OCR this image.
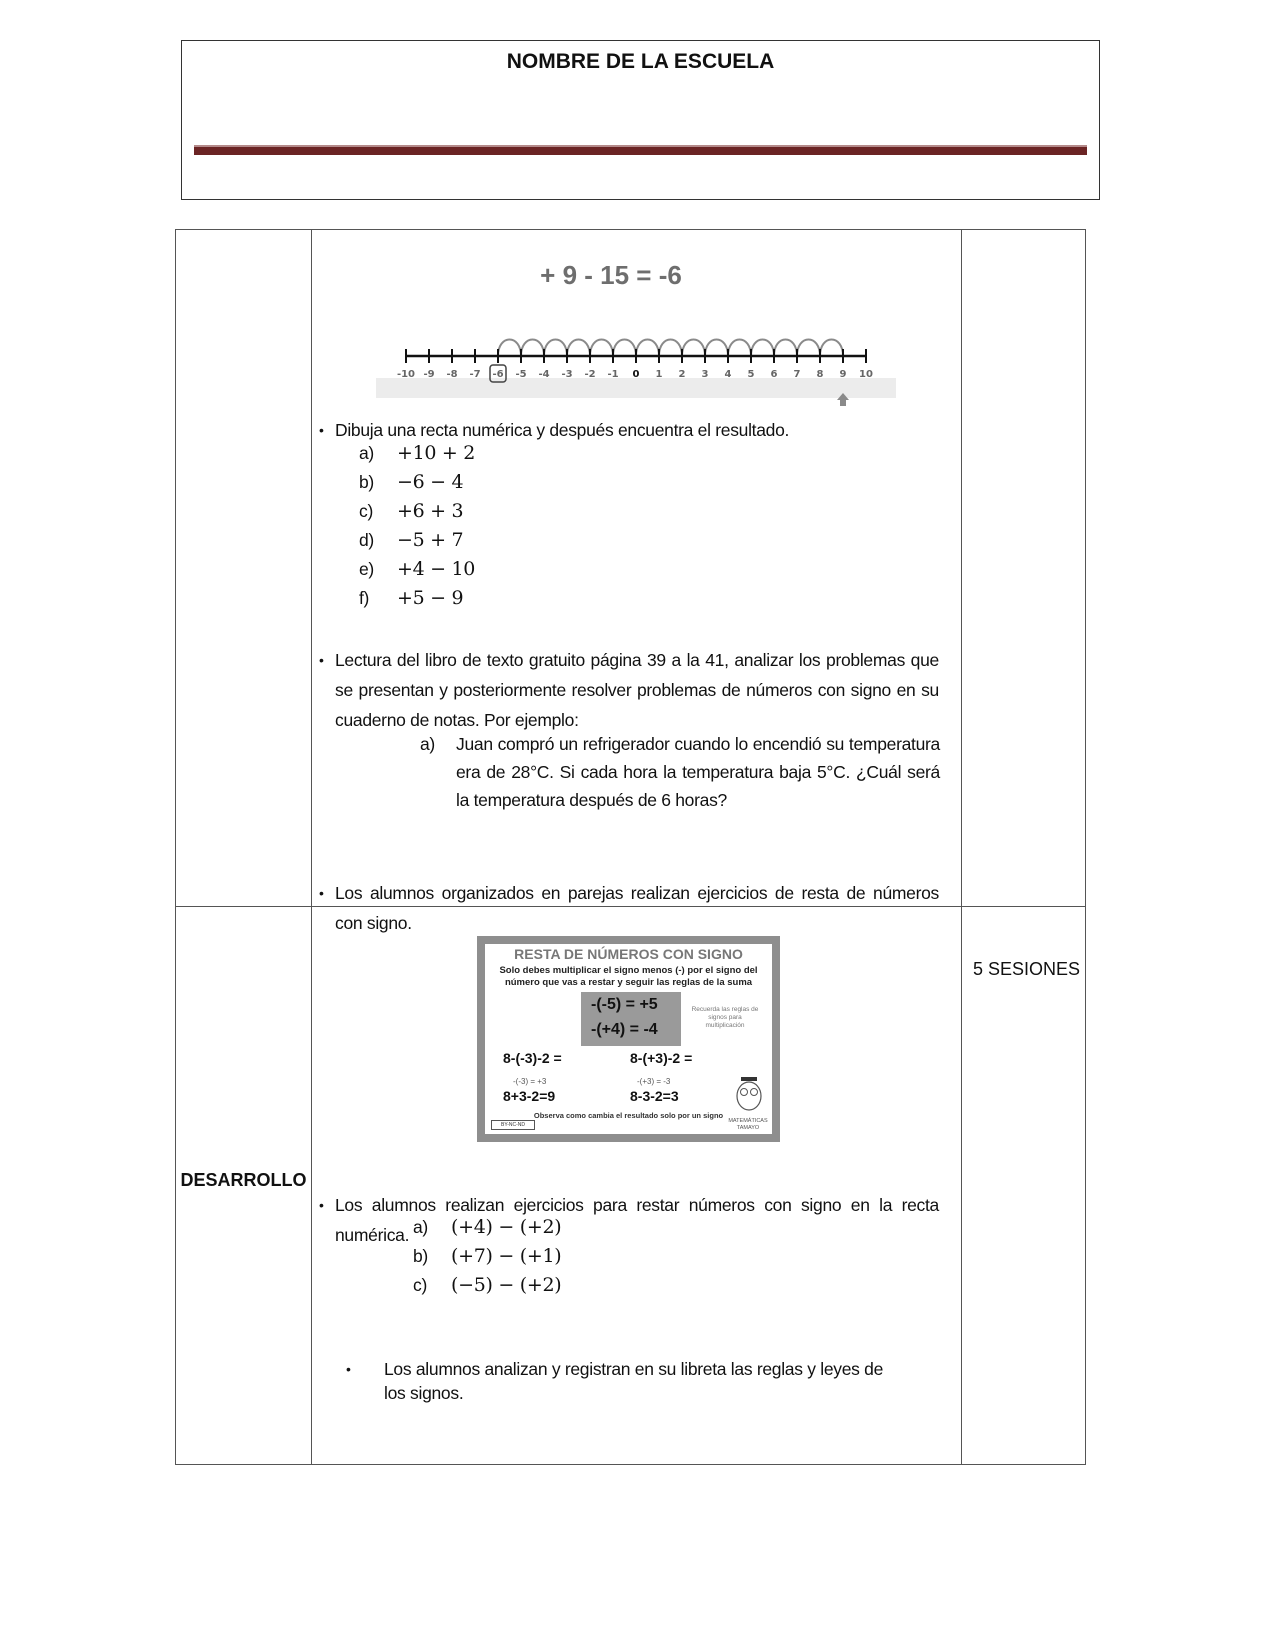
NOMBRE DE LA ESCUELA
DESARROLLO
5 SESIONES
+ 9 - 15 = -6
-10 -9 -8 -7 -6 -5 -4 -3 -2 -1 0 1 2 3 4 5 6 7 8 9 10
• Dibuja una recta numérica y después encuentra el resultado.
a) +10 + 2
b) −6 − 4
c) +6 + 3
d) −5 + 7
e) +4 − 10
f) +5 − 9
• Lectura del libro de texto gratuito página 39 a la 41, analizar los problemas que se presentan y posteriormente resolver problemas de números con signo en su cuaderno de notas. Por ejemplo:
a) Juan compró un refrigerador cuando lo encendió su temperatura era de 28°C. Si cada hora la temperatura baja 5°C. ¿Cuál será la temperatura después de 6 horas?
• Los alumnos organizados en parejas realizan ejercicios de resta de números con signo.
RESTA DE NÚMEROS CON SIGNO
Solo debes multiplicar el signo menos (-) por el signo del número que vas a restar y seguir las reglas de la suma
-(-5) = +5
-(+4) = -4
Recuerda las reglas de signos para multiplicación
8-(-3)-2 =
-(-3) = +3
8+3-2=9
8-(+3)-2 =
-(+3) = -3
8-3-2=3
Observa como cambia el resultado solo por un signo
BY-NC-ND
MATEMÁTICAS TAMAYO
• Los alumnos realizan ejercicios para restar números con signo en la recta numérica. a) (+4) − (+2)
b) (+7) − (+1)
c) (−5) − (+2)
• Los alumnos analizan y registran en su libreta las reglas y leyes de los signos.
